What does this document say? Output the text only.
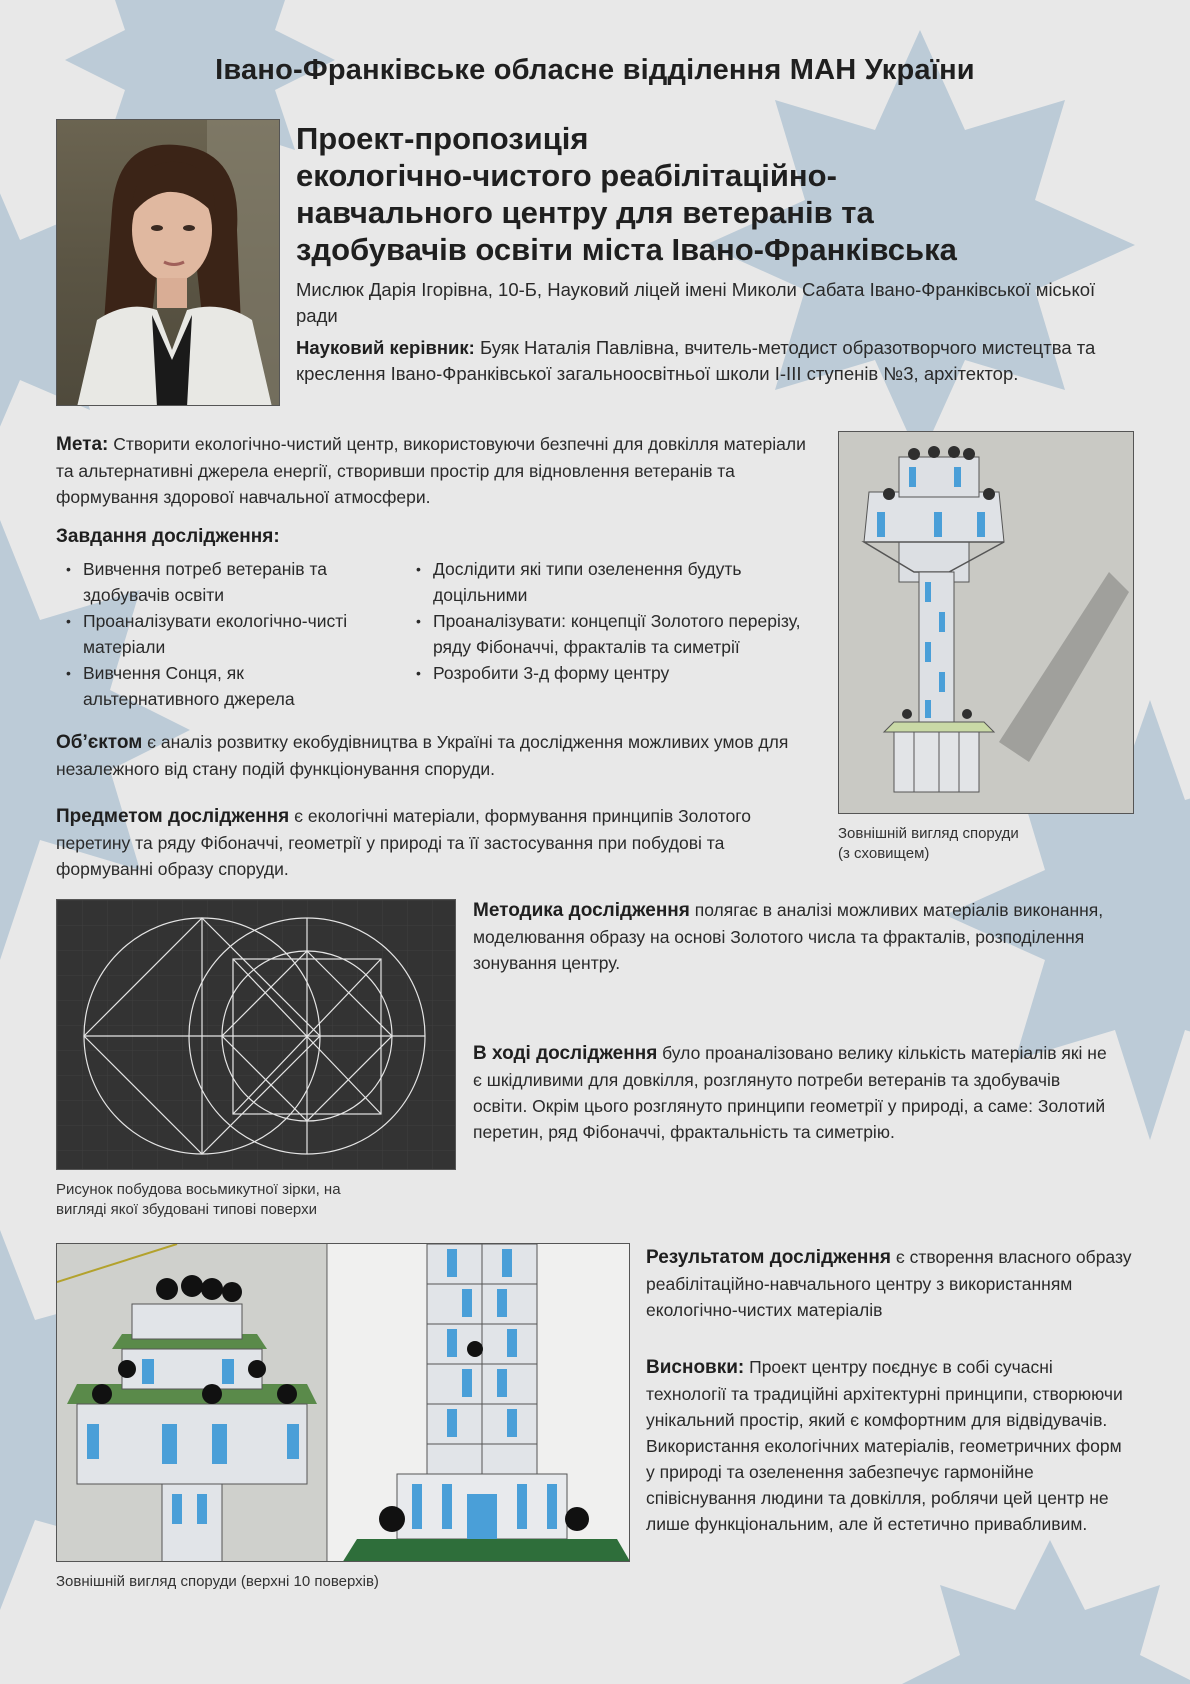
Івано-Франківське обласне відділення МАН України
Проект-пропозиція
екологічно-чистого реабілітаційно-
навчального центру для ветеранів та
здобувачів освіти міста Івано-Франківська
Мислюк Дарія Ігорівна, 10-Б, Науковий ліцей імені Миколи Сабата Івано-Франківської міської ради
Науковий керівник: Буяк Наталія Павлівна, вчитель-методист образотворчого мистецтва та креслення Івано-Франківської загальноосвітньої школи І-ІІІ ступенів №3, архітектор.
Мета: Створити екологічно-чистий центр, використовуючи безпечні для довкілля матеріали та альтернативні джерела енергії, створивши простір для відновлення ветеранів та формування здорової навчальної атмосфери.
Завдання дослідження:
• Вивчення потреб ветеранів та здобувачів освіти
• Проаналізувати екологічно-чисті матеріали
• Вивчення Сонця, як альтернативного джерела
• Дослідити які типи озеленення будуть доцільними
• Проаналізувати: концепції Золотого перерізу, ряду Фібоначчі, фракталів та симетрії
• Розробити 3-д форму центру
Об’єктом є аналіз розвитку екобудівництва в Україні та дослідження можливих умов для незалежного від стану подій функціонування споруди.
Предметом дослідження є екологічні матеріали, формування принципів Золотого перетину та ряду Фібоначчі, геометрії у природі та її застосування при побудові та формуванні образу споруди.
Зовнішній вигляд споруди
(з сховищем)
Рисунок побудова восьмикутної зірки, на
вигляді якої збудовані типові поверхи
Методика дослідження полягає в аналізі можливих матеріалів виконання, моделювання образу на основі Золотого числа та фракталів, розподілення зонування центру.
В ході дослідження було проаналізовано велику кількість матеріалів які не є шкідливими для довкілля, розглянуто потреби ветеранів та здобувачів освіти. Окрім цього розглянуто принципи геометрії у природі, а саме: Золотий перетин, ряд Фібоначчі, фрактальність та симетрію.
Зовнішній вигляд споруди (верхні 10 поверхів)
Результатом дослідження є створення власного образу реабілітаційно-навчального центру з використанням екологічно-чистих матеріалів
Висновки: Проект центру поєднує в собі сучасні технології та традиційні архітектурні принципи, створюючи унікальний простір, який є комфортним для відвідувачів. Використання екологічних матеріалів, геометричних форм у природі та озеленення забезпечує гармонійне співіснування людини та довкілля, роблячи цей центр не лише функціональним, але й естетично привабливим.
